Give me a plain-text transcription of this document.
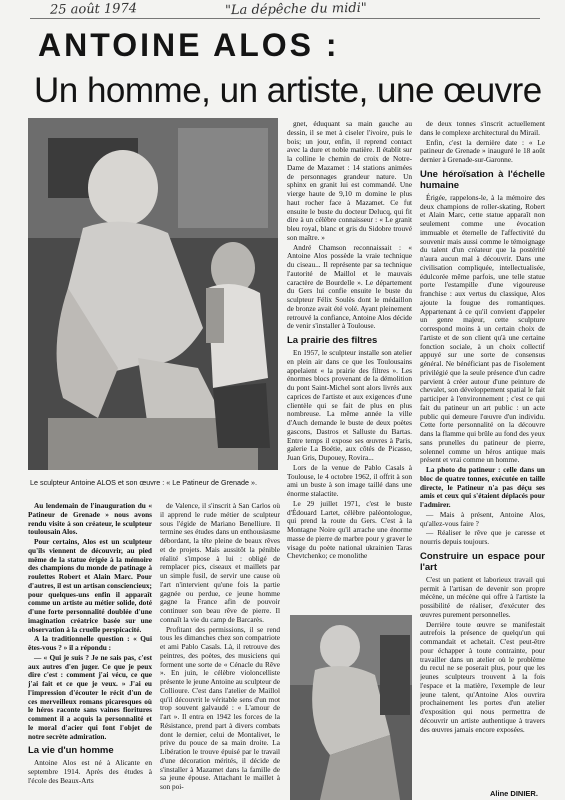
25 août 1974	"La dépêche du midi"
ANTOINE ALOS :
Un homme, un artiste, une œuvre
Le sculpteur Antoine ALOS et son œuvre : « Le Patineur de Grenade ».

Au lendemain de l'inauguration du « Patineur de Grenade » nous avons rendu visite à son créateur, le sculpteur toulousain Alos.

Pour certains, Alos est un sculpteur qu'ils viennent de découvrir, au pied même de la statue érigée à la mémoire des champions du monde de patinage à roulettes Robert et Alain Marc. Pour d'autres, il est un artisan consciencieux; pour quelques-uns enfin il apparaît comme un artiste au métier solide, doté d'une forte personnalité doublée d'une imagination créatrice basée sur une observation à la cruelle perspicacité.

A la traditionnelle question : « Qui êtes-vous ? » il a répondu :

— « Qui je suis ? Je ne sais pas, c'est aux autres d'en juger. Ce que je peux dire c'est : comment j'ai vécu, ce que j'ai fait et ce que je veux. » J'ai eu l'impression d'écouter le récit d'un de ces merveilleux romans picaresques où le héros raconte sans vaines fioritures comment il a acquis la personnalité et le moral d'acier qui font l'objet de notre secrète admiration.

La vie d'un homme

Antoine Alos est né à Alicante en septembre 1914. Après des études à l'école des Beaux-Arts

de Valence, il s'inscrit à San Carlos où il apprend le rude métier de sculpteur sous l'égide de Mariano Benelliure. Il termine ses études dans un enthousiasme débordant, la tête pleine de beaux rêves et de projets. Mais aussitôt la pénible réalité s'impose à lui : obligé de remplacer pics, ciseaux et maillets par un simple fusil, de servir une cause où l'art n'intervient qu'une fois la partie gagnée ou perdue, ce jeune homme gagne la France afin de pouvoir continuer son beau rêve de pierre. Il connaît la vie du camp de Barcarès.

Profitant des permissions, il se rend tous les dimanches chez son compatriote et ami Pablo Casals. Là, il retrouve des peintres, des poètes, des musiciens qui forment une sorte de « Cénacle du Rêve ». En juin, le célèbre violoncelliste présente le jeune Antoine au sculpteur de Collioure. C'est dans l'atelier de Maillol qu'il découvrit le véritable sens d'un mot trop souvent galvaudé : « L'amour de l'art ». Il entra en 1942 les forces de la Résistance, prend part à divers combats dont le dernier, celui de Montalivet, le prive du pouce de sa main droite. La Libération le trouve épuisé par le travail d'une décoration mérités, il décide de s'installer à Mazamet dans la famille de sa jeune épouse. Attachant le maillet à son poi-

gnet, éduquant sa main gauche au dessin, il se met à ciseler l'ivoire, puis le bois; un jour, enfin, il reprend contact avec la dure et noble matière. Il établit sur la colline le chemin de croix de Notre-Dame de Mazamet : 14 stations animées de personnages grandeur nature. Un sphinx en granit lui est commandé. Une vierge haute de 9,10 m domine le plus haut rocher face à Mazamet. Ce fut ensuite le buste du docteur Delucq, qui fit dire à un célèbre connaisseur : « Le granit bleu royal, blanc et gris du Sidobre trouvé son maître. »

André Chamson reconnaissait : « Antoine Alos possède la vraie technique du ciseau... Il représente par sa technique l'autorité de Maillol et le mauvais caractère de Bourdelle ». Le département du Gers lui confie ensuite le buste du sculpteur Félix Soulès dont le médaillon de bronze avait été volé. Ayant pleinement retrouvé la confiance, Antoine Alos décide de venir s'installer à Toulouse.

La prairie des filtres

En 1957, le sculpteur installe son atelier en plein air dans ce que les Toulousains appelaient « la prairie des filtres ». Les énormes blocs provenant de la démolition du pont Saint-Michel sont alors livrés aux caprices de l'artiste et aux exigences d'une clientèle qui se fait de plus en plus nombreuse. La même année la ville d'Auch demande le buste de deux poètes gascons, Dastros et Salluste du Bartas. Entre temps il expose ses œuvres à Paris, galerie La Boétie, aux côtés de Picasso, Juan Gris, Dupouey, Rovira...

Lors de la venue de Pablo Casals à Toulouse, le 4 octobre 1962, il offrit à son ami un buste à son image taillé dans une énorme stalactite.

Le 29 juillet 1971, c'est le buste d'Édouard Lartet, célèbre paléontologue, qui prend la route du Gers. C'est à la Montagne Noire qu'il arrache une énorme masse de pierre de marbre pour y graver le visage du poète national ukrainien Taras Chevtchenko; ce monolithe

de deux tonnes s'inscrit actuellement dans le complexe architectural du Mirail.

Enfin, c'est la dernière date : « Le patineur de Grenade » inauguré le 18 août dernier à Grenade-sur-Garonne.

Une héroïsation à l'échelle humaine

Érigée, rappelons-le, à la mémoire des deux champions de roller-skating, Robert et Alain Marc, cette statue apparaît non seulement comme une évocation immuable et éternelle de l'affectivité du souvenir mais aussi comme le témoignage du talent d'un créateur que la postérité n'aura aucun mal à découvrir. Dans une civilisation compliquée, intellectualisée, édulcorée même parfois, une telle statue porte l'estampille d'une vigoureuse franchise : aux vertus du classique, Alos ajoute la fougue des romantiques. Appartenant à ce qu'il convient d'appeler un genre majeur, cette sculpture correspond moins à un certain choix de l'artiste et de son client qu'à une certaine fonction sociale, à un choix collectif appuyé sur une sorte de consensus général. Ne bénéficiant pas de l'isolement privilégié que la seule présence d'un cadre parvient à créer autour d'une peinture de chevalet, son développement spatial le fait participer à l'environnement ; c'est ce qui fait du patineur un art public : un acte public qui demeure l'œuvre d'un individu. Cette forte personnalité on la découvre dans la flamme qui brûle au fond des yeux sans prunelles du patineur de pierre, solennel comme un héros antique mais présent et vrai comme un homme.

La photo du patineur : celle dans un bloc de quatre tonnes, exécutée en taille directe, le Patineur n'a pas déçu ses amis et ceux qui s'étaient déplacés pour l'admirer.

— Mais à présent, Antoine Alos, qu'allez-vous faire ?

— Réaliser le rêve que je caresse et nourris depuis toujours.

Construire un espace pour l'art

C'est un patient et laborieux travail qui permit à l'artisan de devenir son propre mécène, un mécène qui offre à l'artiste la possibilité de réaliser, d'exécuter des œuvres purement personnelles.

Derrière toute œuvre se manifestait autrefois la présence de quelqu'un qui commandait et achetait. C'est peut-être pour échapper à toute contrainte, pour travailler dans un atelier où le problème du recul ne se poserait plus, pour que les jeunes sculpteurs trouvent à la fois l'espace et la matière, l'exemple de leur jeune talent, qu'Antoine Alos ouvrira prochainement les portes d'un atelier d'exposition qui nous permettra de découvrir un artiste authentique à travers des œuvres jamais encore exposées.

Aline DINIER.
